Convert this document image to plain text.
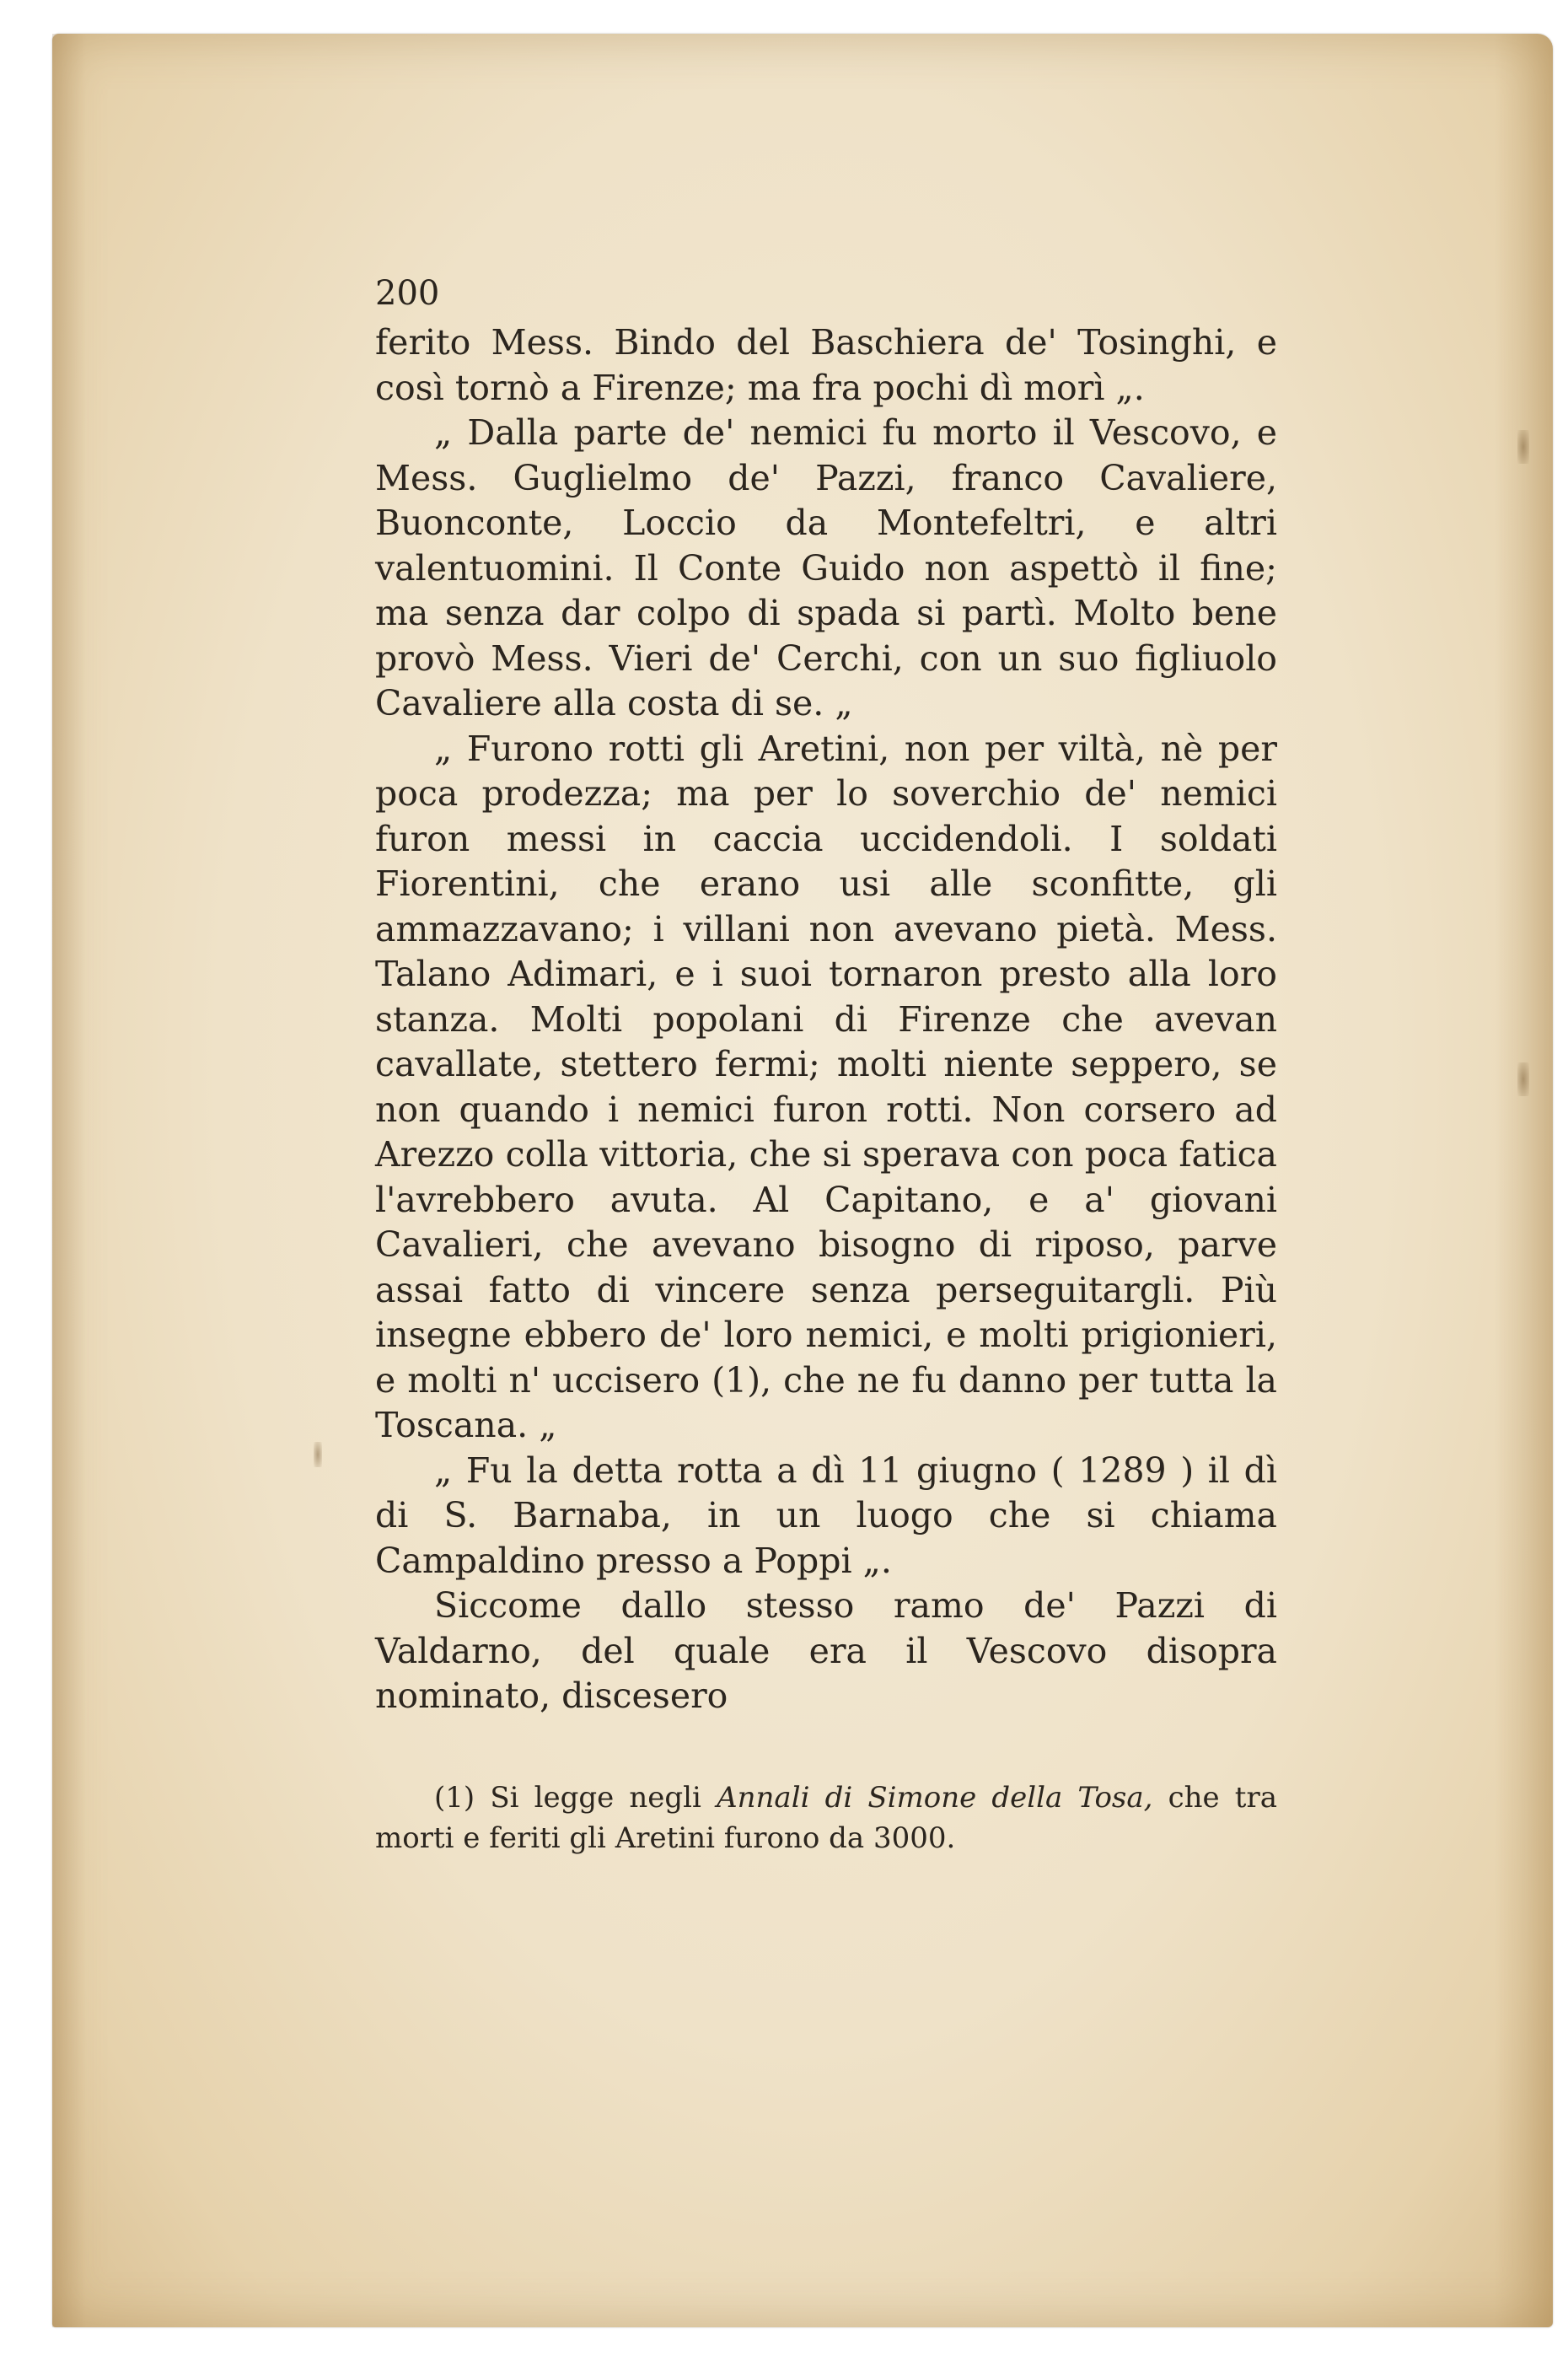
200

ferito Mess. Bindo del Baschiera de' Tosinghi, e così tornò a Firenze; ma fra pochi dì morì „.

„ Dalla parte de' nemici fu morto il Vescovo, e Mess. Guglielmo de' Pazzi, franco Cavaliere, Buonconte, Loccio da Montefeltri, e altri valentuomini. Il Conte Guido non aspettò il fine; ma senza dar colpo di spada si partì. Molto bene provò Mess. Vieri de' Cerchi, con un suo figliuolo Cavaliere alla costa di se. „

„ Furono rotti gli Aretini, non per viltà, nè per poca prodezza; ma per lo soverchio de' nemici furon messi in caccia uccidendoli. I soldati Fiorentini, che erano usi alle sconfitte, gli ammazzavano; i villani non avevano pietà. Mess. Talano Adimari, e i suoi tornaron presto alla loro stanza. Molti popolani di Firenze che avevan cavallate, stettero fermi; molti niente seppero, se non quando i nemici furon rotti. Non corsero ad Arezzo colla vittoria, che si sperava con poca fatica l'avrebbero avuta. Al Capitano, e a' giovani Cavalieri, che avevano bisogno di riposo, parve assai fatto di vincere senza perseguitargli. Più insegne ebbero de' loro nemici, e molti prigionieri, e molti n' uccisero (1), che ne fu danno per tutta la Toscana. „

„ Fu la detta rotta a dì 11 giugno ( 1289 ) il dì di S. Barnaba, in un luogo che si chiama Campaldino presso a Poppi „.

Siccome dallo stesso ramo de' Pazzi di Valdarno, del quale era il Vescovo disopra nominato, discesero

(1) Si legge negli Annali di Simone della Tosa, che tra morti e feriti gli Aretini furono da 3000.
